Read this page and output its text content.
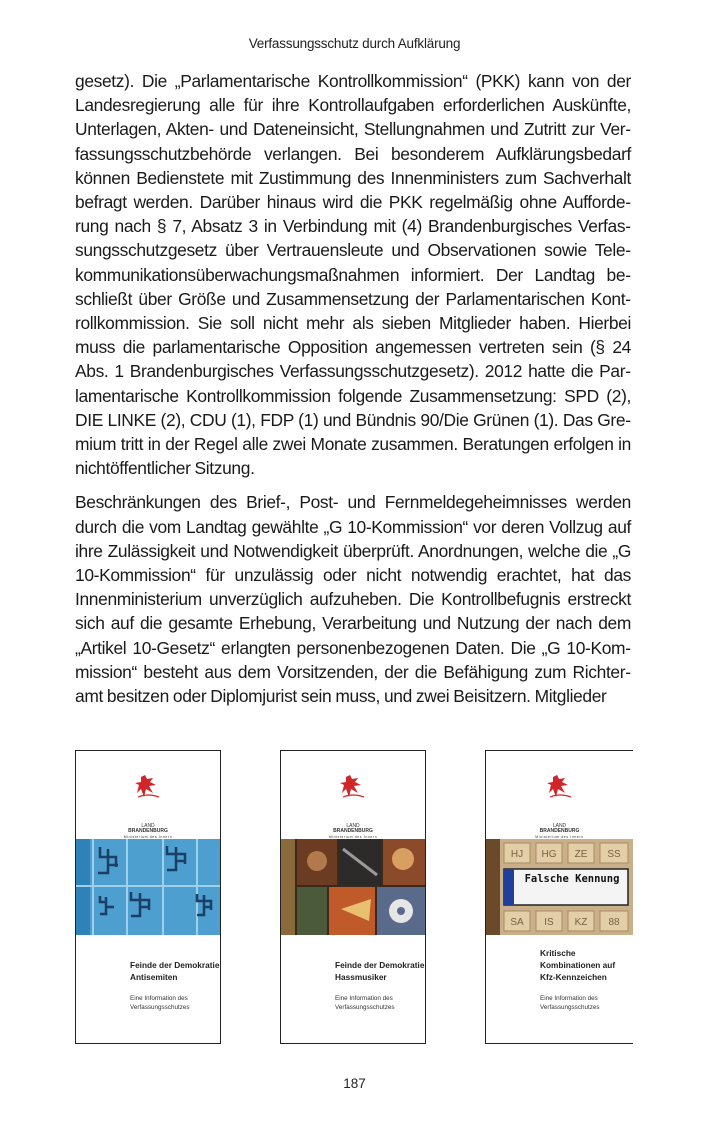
Verfassungsschutz durch Aufklärung

gesetz). Die „Parlamentarische Kontrollkommission“ (PKK) kann von der Landesregierung alle für ihre Kontrollaufgaben erforderlichen Auskünfte, Unterlagen, Akten- und Dateneinsicht, Stellungnahmen und Zutritt zur Verfassungsschutzbehörde verlangen. Bei besonderem Aufklärungsbedarf können Bedienstete mit Zustimmung des Innenministers zum Sachverhalt befragt werden. Darüber hinaus wird die PKK regelmäßig ohne Aufforderung nach § 7, Absatz 3 in Verbindung mit (4) Brandenburgisches Verfassungsschutzgesetz über Vertrauensleute und Observationen sowie Telekommunikationsüberwachungsmaßnahmen informiert. Der Landtag beschließt über Größe und Zusammensetzung der Parlamentarischen Kontrollkommission. Sie soll nicht mehr als sieben Mitglieder haben. Hierbei muss die parlamentarische Opposition angemessen vertreten sein (§ 24 Abs. 1 Brandenburgisches Verfassungsschutzgesetz). 2012 hatte die Parlamentarische Kontrollkommission folgende Zusammensetzung: SPD (2), DIE LINKE (2), CDU (1), FDP (1) und Bündnis 90/Die Grünen (1). Das Gremium tritt in der Regel alle zwei Monate zusammen. Beratungen erfolgen in nichtöffentlicher Sitzung.

Beschränkungen des Brief-, Post- und Fernmeldegeheimnisses werden durch die vom Landtag gewählte „G 10-Kommission“ vor deren Vollzug auf ihre Zulässigkeit und Notwendigkeit überprüft. Anordnungen, welche die „G 10-Kommission“ für unzulässig oder nicht notwendig erachtet, hat das Innenministerium unverzüglich aufzuheben. Die Kontrollbefugnis erstreckt sich auf die gesamte Erhebung, Verarbeitung und Nutzung der nach dem „Artikel 10-Gesetz“ erlangten personenbezogenen Daten. Die „G 10-Kommission“ besteht aus dem Vorsitzenden, der die Befähigung zum Richteramt besitzen oder Diplomjurist sein muss, und zwei Beisitzern. Mitglieder

LAND
BRANDENBURG
Ministerium des Innern
Feinde der Demokratie Antisemiten
Eine Information des Verfassungsschutzes
LAND
BRANDENBURG
Ministerium des Innern
Feinde der Demokratie Hassmusiker
Eine Information des Verfassungsschutzes
LAND
BRANDENBURG
Ministerium des Innern
HJ HG ZE SS
SA IS KZ 88
Falsche Kennung
Kritische Kombinationen auf Kfz-Kennzeichen
Eine Information des Verfassungsschutzes
187
